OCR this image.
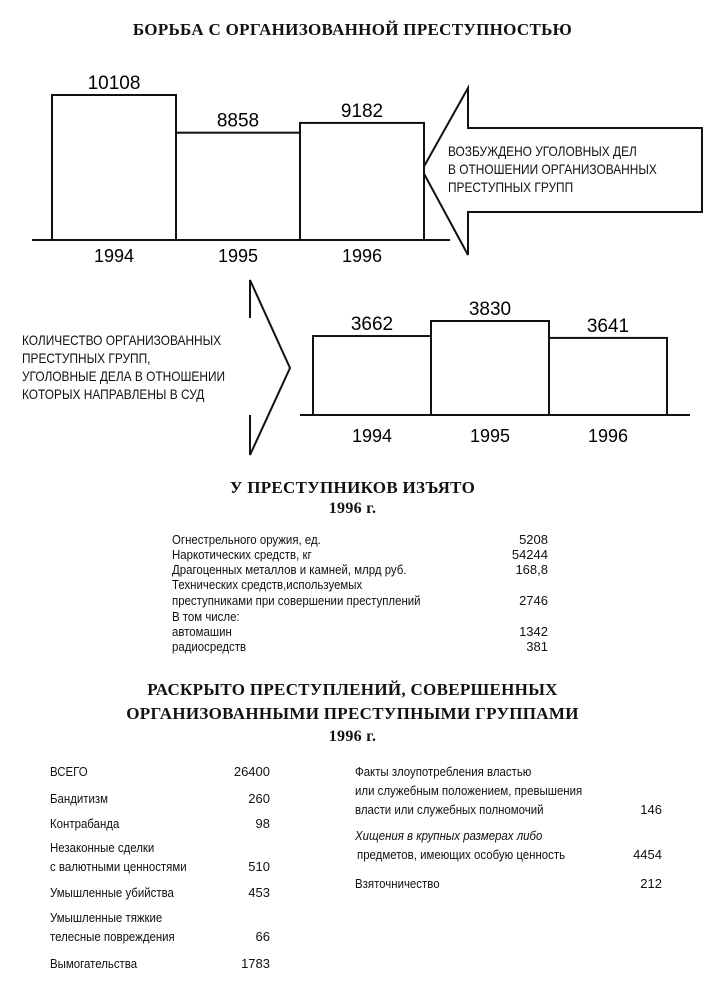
БОРЬБА С ОРГАНИЗОВАННОЙ ПРЕСТУПНОСТЬЮ
10108
1994
8858
1995
9182
1996
3662
1994
3830
1995
3641
1996
ВОЗБУЖДЕНО УГОЛОВНЫХ ДЕЛ
В ОТНОШЕНИИ ОРГАНИЗОВАННЫХ
ПРЕСТУПНЫХ ГРУПП
КОЛИЧЕСТВО ОРГАНИЗОВАННЫХ
ПРЕСТУПНЫХ ГРУПП,
УГОЛОВНЫЕ ДЕЛА В ОТНОШЕНИИ
КОТОРЫХ НАПРАВЛЕНЫ В СУД
У ПРЕСТУПНИКОВ ИЗЪЯТО
1996 г.
Огнестрельного оружия, ед.	5208
Наркотических средств, кг	54244
Драгоценных металлов и камней, млрд руб.	168,8
Технических средств,используемых
преступниками при совершении преступлений	2746
В том числе:
автомашин	1342
радиосредств	381
РАСКРЫТО ПРЕСТУПЛЕНИЙ, СОВЕРШЕННЫХ
ОРГАНИЗОВАННЫМИ ПРЕСТУПНЫМИ ГРУППАМИ
1996 г.
ВСЕГО	26400
Бандитизм	260
Контрабанда	98
Незаконные сделки
с валютными ценностями	510
Умышленные убийства	453
Умышленные тяжкие
телесные повреждения	66
Вымогательства	1783
Факты злоупотребления властью
или служебным положением, превышения
власти или служебных полномочий	146
Хищения в крупных размерах либо
предметов, имеющих особую ценность	4454
Взяточничество	212
